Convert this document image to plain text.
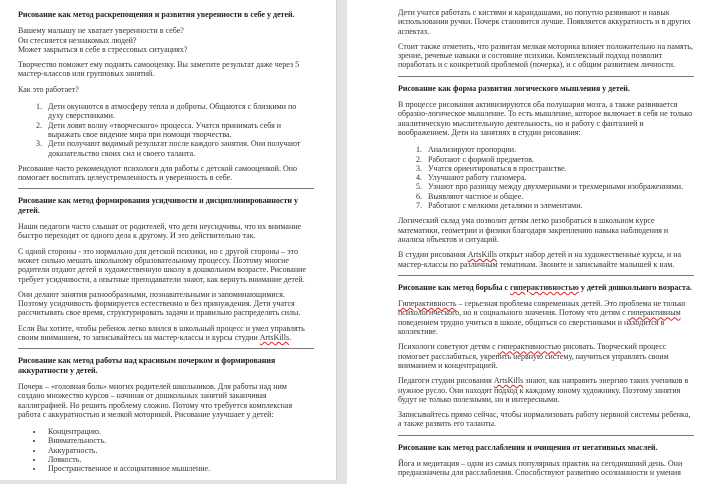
Рисование как метод раскрепощения и развития уверенности в себе у детей.

Вашему малышу не хватает уверенности в себе?
Он стесняется незнакомых людей?
Может закрыться в себе в стрессовых ситуациях?

Творчество поможет ему поднять самооценку. Вы заметите результат даже через 5 мастер-классов или групповых занятий.

Как это работает?

1. Дети окунаются в атмосферу тепла и доброты. Общаются с близкими по духу сверстниками.
2. Дети ловят волну «творческого» процесса. Учатся принимать себя и выражать свое видение мира при помощи творчества.
3. Дети получают видимый результат после каждого занятия. Они получают доказательство своих сил и своего таланта.

Рисование часто рекомендуют психологи для работы с детской самооценкой. Оно помогает воспитать целеустремленность и уверенность в себе.

Рисование как метод формирования усидчивости и дисциплинированности у детей.

Наши педагоги часто слышат от родителей, что дети неусидчивы, что их внимание быстро переходит от одного дела к другому. И это действительно так.

С одной стороны - это нормально для детской психики, но с другой стороны – это может сильно мешать школьному образовательному процессу. Поэтому многие родители отдают детей в художественную школу в дошкольном возрасте. Рисование требует усидчивости, а опытные преподаватели знают, как вернуть внимание детей.

Они делают занятия разнообразными, познавательными и запоминающимися. Поэтому усидчивость формируется естественно и без принуждения. Дети учатся рассчитывать свое время, структурировать задачи и правильно распределять силы.

Если Вы хотите, чтобы ребенок легко влился в школьный процесс и умел управлять своим вниманием, то записывайтесь на мастер-классы и курсы студии ArtsKills.

Рисование как метод работы над красивым почерком и формирования аккуратности у детей.

Почерк – «головная боль» многих родителей школьников. Для работы над ним создано множество курсов – начиная от дошкольных занятий заканчивая каллиграфией. Но решить проблему сложно. Потому что требуется комплексная работа с аккуратностью и мелкой моторикой. Рисование улучшает у детей:

• Концентрацию.
• Внимательность.
• Аккуратность.
• Ловкость.
• Пространственное и ассоциативное мышление.

Дети учатся работать с кистями и карандашами, но попутно развивают и навык использования ручки. Почерк становится лучше. Появляется аккуратность и в других аспектах.

Стоит также отметить, что развитая мелкая моторика влияет положительно на память, зрение, речевые навыки и состояние психики. Комплексный подход позволит поработать и с конкретной проблемой (почерка), и с общим развитием личности.

Рисование как форма развития логического мышления у детей.

В процессе рисования активизируются оба полушария мозга, а также развивается образно-логическое мышление. То есть мышление, которое включает в себя не только аналитическую мыслительную деятельность, но и работу с фантазией и воображением. Дети на занятиях в студии рисования:

1. Анализируют пропорции.
2. Работают с формой предметов.
3. Учатся ориентироваться в пространстве.
4. Улучшают работу глазомера.
5. Узнают про разницу между двухмерными и трехмерными изображениями.
6. Выявляют частное и общее.
7. Работают с мелкими деталями и элементами.

Логический склад ума позволит детям легко разобраться в школьном курсе математики, геометрии и физики благодаря закреплению навыка наблюдения и анализа объектов и ситуаций.

В студии рисования ArtsKills открыт набор детей и на художественные курсы, и на мастер-классы по различным тематикам. Звоните и записывайте малышей к нам.

Рисование как метод борьбы с гиперактивностью у детей дошкольного возраста.

Гиперактивность – серьезная проблема современных детей. Это проблема не только психологического, но и социального значения. Потому что детям с гиперактивным поведением трудно учиться в школе, общаться со сверстниками и находится в коллективе.

Психологи советуют детям с гиперактивностью рисовать. Творческий процесс помогает расслабиться, укрепить нервную систему, научиться управлять своим вниманием и концентрацией.

Педагоги студии рисования ArtsKills знают, как направить энергию таких учеников в нужное русло. Они находят подход к каждому юному художнику. Поэтому занятия будут не только полезными, но и интересными.

Записывайтесь прямо сейчас, чтобы нормализовать работу нервной системы ребенка, а также развить его таланты.

Рисование как метод расслабления и очищения от негативных мыслей.

Йога и медитация – одни из самых популярных практик на сегодняшний день. Они предназначены для расслабления. Способствуют развитию осознанности и умения
